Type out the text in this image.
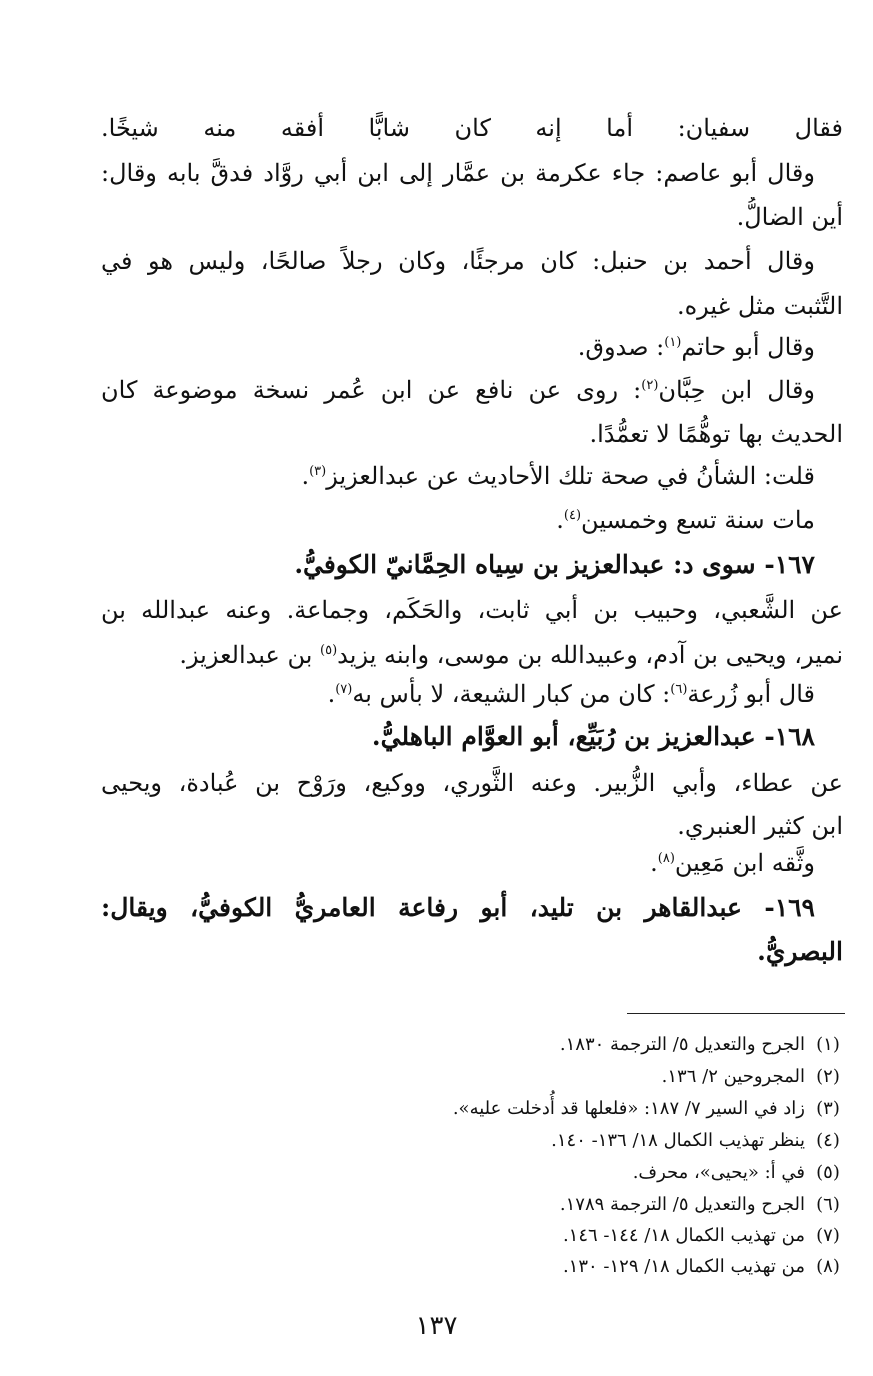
فقال سفيان: أما إنه كان شابًّا أفقه منه شيخًا.
وقال أبو عاصم: جاء عكرمة بن عمَّار إلى ابن أبي روَّاد فدقَّ بابه وقال:
أين الضالُّ.
وقال أحمد بن حنبل: كان مرجئًا، وكان رجلاً صالحًا، وليس هو في
التَّثبت مثل غيره.
وقال أبو حاتم$^{(١)}$: صدوق.
وقال ابن حِبَّان$^{(٢)}$: روى عن نافع عن ابن عُمر نسخة موضوعة كان
الحديث بها توهُّمًا لا تعمُّدًا.
قلت: الشأنُ في صحة تلك الأحاديث عن عبدالعزيز$^{(٣)}$.
مات سنة تسع وخمسين$^{(٤)}$.
١٦٧- سوى د: عبدالعزيز بن سِياه الحِمَّانيّ الكوفيُّ.
عن الشَّعبي، وحبيب بن أبي ثابت، والحَكَم، وجماعة. وعنه عبدالله بن
نمير، ويحيى بن آدم، وعبيدالله بن موسى، وابنه يزيد$^{(٥)}$ بن عبدالعزيز.
قال أبو زُرعة$^{(٦)}$: كان من كبار الشيعة، لا بأس به$^{(٧)}$.
١٦٨- عبدالعزيز بن رُبَيِّع، أبو العوَّام الباهليُّ.
عن عطاء، وأبي الزُّبير. وعنه الثَّوري، ووكيع، ورَوْح بن عُبادة، ويحيى
ابن كثير العنبري.
وثَّقه ابن مَعِين$^{(٨)}$.
١٦٩- عبدالقاهر بن تليد، أبو رفاعة العامريُّ الكوفيُّ، ويقال:
البصريُّ.
(١)الجرح والتعديل ٥/ الترجمة ١٨٣٠.
(٢)المجروحين ٢/ ١٣٦.
(٣)زاد في السير ٧/ ١٨٧: «فلعلها قد أُدخلت عليه».
(٤)ينظر تهذيب الكمال ١٨/ ١٣٦- ١٤٠.
(٥)في أ: «يحيى»، محرف.
(٦)الجرح والتعديل ٥/ الترجمة ١٧٨٩.
(٧)من تهذيب الكمال ١٨/ ١٤٤- ١٤٦.
(٨)من تهذيب الكمال ١٨/ ١٢٩- ١٣٠.
١٣٧
